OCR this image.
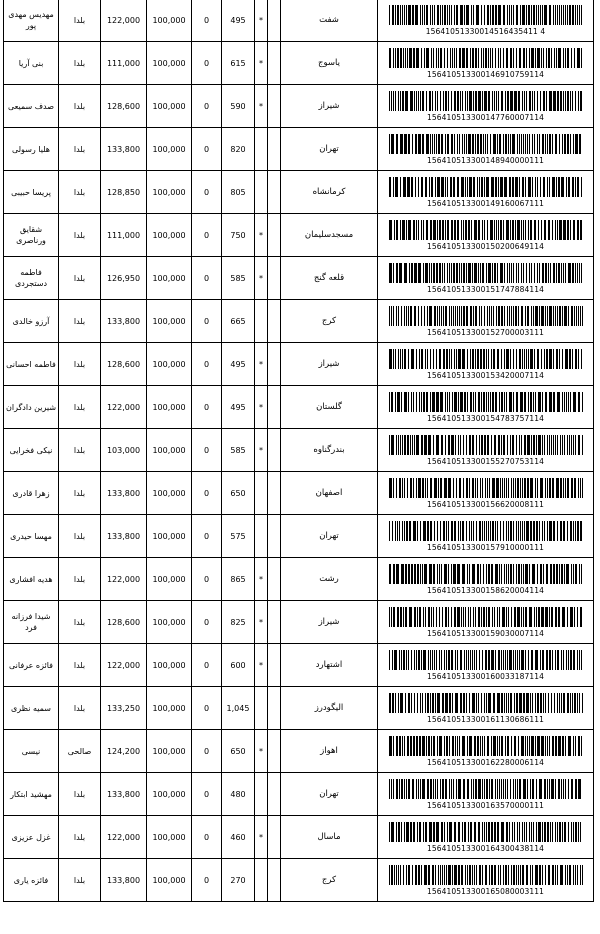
مهدیس مهدی پور	بلدا	122,000	100,000	0	495	*		شفت	15641051330014516435411 4

بنی آریا	بلدا	111,000	100,000	0	615	*		یاسوج	156410513300146910759114

صدف سمیعی	بلدا	128,600	100,000	0	590	*		شیراز	156410513300147760007114

هلیا رسولی	بلدا	133,800	100,000	0	820			تهران	156410513300148940000111

پریسا حبیبی	بلدا	128,850	100,000	0	805			کرمانشاه	156410513300149160067111

شقایق ورناصری	بلدا	111,000	100,000	0	750	*		مسجدسلیمان	156410513300150200649114

فاطمه دستجردی	بلدا	126,950	100,000	0	585	*		قلعه گنج	156410513300151747884114

آرزو خالدی	بلدا	133,800	100,000	0	665			کرج	156410513300152700003111

فاطمه احسانی	بلدا	128,600	100,000	0	495	*		شیراز	156410513300153420007114

شیرین دادگران	بلدا	122,000	100,000	0	495	*		گلستان	156410513300154783757114

نیکی فخرایی	بلدا	103,000	100,000	0	585	*		بندرگناوه	156410513300155270753114

زهرا قادری	بلدا	133,800	100,000	0	650			اصفهان	156410513300156620008111

مهسا حیدری	بلدا	133,800	100,000	0	575			تهران	156410513300157910000111

هدیه افشاری	بلدا	122,000	100,000	0	865	*		رشت	156410513300158620004114

شیدا فرزانه فرد	بلدا	128,600	100,000	0	825	*		شیراز	156410513300159030007114

فائزه عرفانی	بلدا	122,000	100,000	0	600	*		اشتهارد	156410513300160033187114

سمیه نظری	بلدا	133,250	100,000	0	1,045			الیگودرز	156410513300161130686111

نیسی	صالحی	124,200	100,000	0	650	*		اهواز	156410513300162280006114

مهشید ابتکار	بلدا	133,800	100,000	0	480			تهران	156410513300163570000111

غزل عزیزی	بلدا	122,000	100,000	0	460	*		ماسال	156410513300164300438114

فائزه یاری	بلدا	133,800	100,000	0	270			کرج	156410513300165080003111
